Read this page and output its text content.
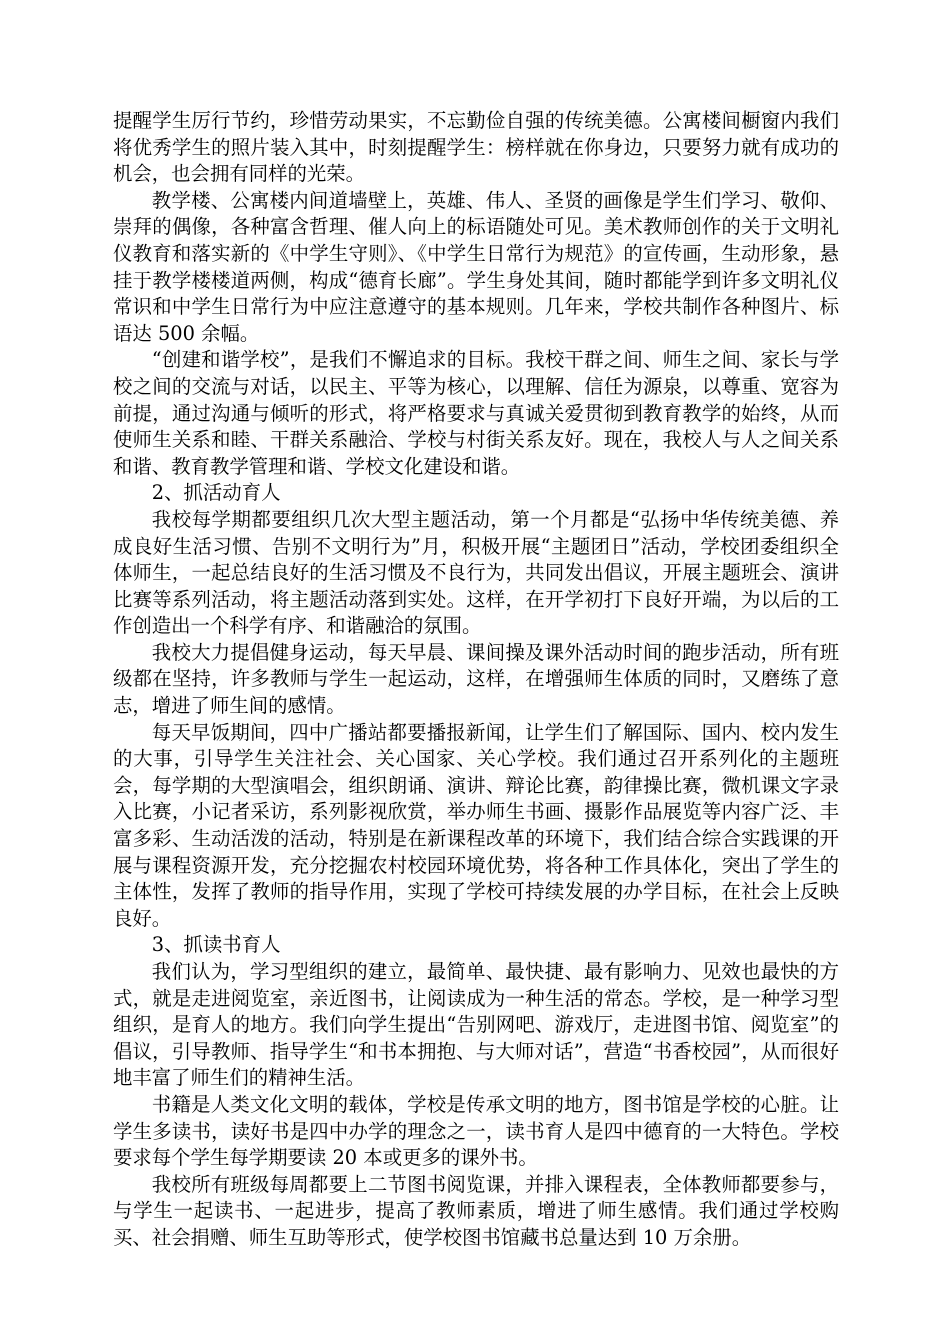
提醒学生厉行节约，珍惜劳动果实，不忘勤俭自强的传统美德。公寓楼间橱窗内我们将优秀学生的照片装入其中，时刻提醒学生：榜样就在你身边，只要努力就有成功的机会，也会拥有同样的光荣。

教学楼、公寓楼内间道墙壁上，英雄、伟人、圣贤的画像是学生们学习、敬仰、崇拜的偶像，各种富含哲理、催人向上的标语随处可见。美术教师创作的关于文明礼仪教育和落实新的《中学生守则》、《中学生日常行为规范》的宣传画，生动形象，悬挂于教学楼楼道两侧，构成“德育长廊”。学生身处其间，随时都能学到许多文明礼仪常识和中学生日常行为中应注意遵守的基本规则。几年来，学校共制作各种图片、标语达 500 余幅。

“创建和谐学校”，是我们不懈追求的目标。我校干群之间、师生之间、家长与学校之间的交流与对话，以民主、平等为核心，以理解、信任为源泉，以尊重、宽容为前提，通过沟通与倾听的形式，将严格要求与真诚关爱贯彻到教育教学的始终，从而使师生关系和睦、干群关系融洽、学校与村街关系友好。现在，我校人与人之间关系和谐、教育教学管理和谐、学校文化建设和谐。

2、抓活动育人

我校每学期都要组织几次大型主题活动，第一个月都是“弘扬中华传统美德、养成良好生活习惯、告别不文明行为”月，积极开展“主题团日”活动，学校团委组织全体师生，一起总结良好的生活习惯及不良行为，共同发出倡议，开展主题班会、演讲比赛等系列活动，将主题活动落到实处。这样，在开学初打下良好开端，为以后的工作创造出一个科学有序、和谐融洽的氛围。

我校大力提倡健身运动，每天早晨、课间操及课外活动时间的跑步活动，所有班级都在坚持，许多教师与学生一起运动，这样，在增强师生体质的同时，又磨练了意志，增进了师生间的感情。

每天早饭期间，四中广播站都要播报新闻，让学生们了解国际、国内、校内发生的大事，引导学生关注社会、关心国家、关心学校。我们通过召开系列化的主题班会，每学期的大型演唱会，组织朗诵、演讲、辩论比赛，韵律操比赛，微机课文字录入比赛，小记者采访，系列影视欣赏，举办师生书画、摄影作品展览等内容广泛、丰富多彩、生动活泼的活动，特别是在新课程改革的环境下，我们结合综合实践课的开展与课程资源开发，充分挖掘农村校园环境优势，将各种工作具体化，突出了学生的主体性，发挥了教师的指导作用，实现了学校可持续发展的办学目标，在社会上反映良好。

3、抓读书育人

我们认为，学习型组织的建立，最简单、最快捷、最有影响力、见效也最快的方式，就是走进阅览室，亲近图书，让阅读成为一种生活的常态。学校，是一种学习型组织，是育人的地方。我们向学生提出“告别网吧、游戏厅，走进图书馆、阅览室”的倡议，引导教师、指导学生“和书本拥抱、与大师对话”，营造“书香校园”，从而很好地丰富了师生们的精神生活。

书籍是人类文化文明的载体，学校是传承文明的地方，图书馆是学校的心脏。让学生多读书，读好书是四中办学的理念之一，读书育人是四中德育的一大特色。学校要求每个学生每学期要读 20 本或更多的课外书。

我校所有班级每周都要上二节图书阅览课，并排入课程表，全体教师都要参与，与学生一起读书、一起进步，提高了教师素质，增进了师生感情。我们通过学校购买、社会捐赠、师生互助等形式，使学校图书馆藏书总量达到 10 万余册。
